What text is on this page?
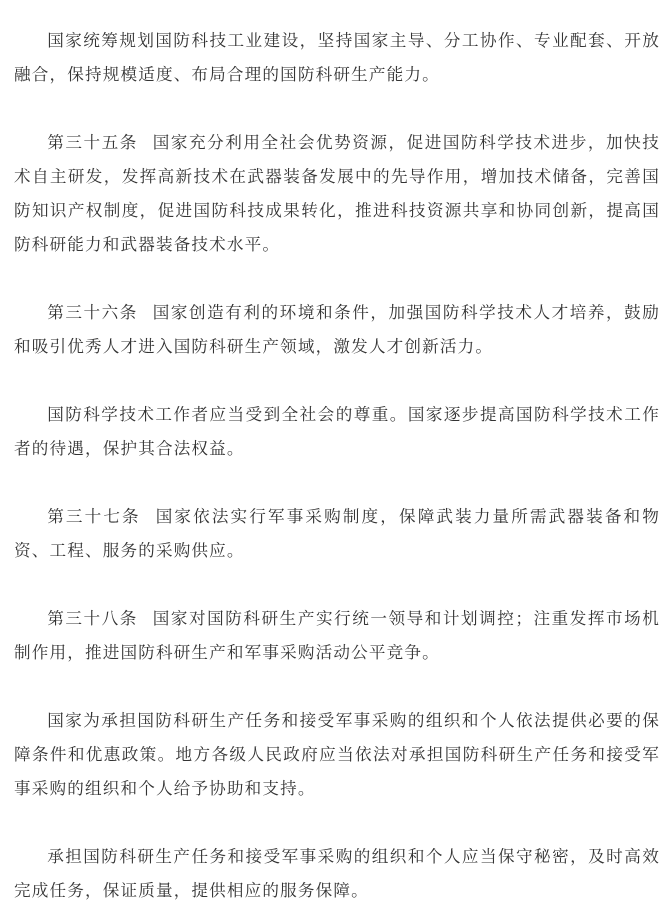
国家统筹规划国防科技工业建设，坚持国家主导、分工协作、专业配套、开放融合，保持规模适度、布局合理的国防科研生产能力。

第三十五条 国家充分利用全社会优势资源，促进国防科学技术进步，加快技术自主研发，发挥高新技术在武器装备发展中的先导作用，增加技术储备，完善国防知识产权制度，促进国防科技成果转化，推进科技资源共享和协同创新，提高国防科研能力和武器装备技术水平。

第三十六条 国家创造有利的环境和条件，加强国防科学技术人才培养，鼓励和吸引优秀人才进入国防科研生产领域，激发人才创新活力。

国防科学技术工作者应当受到全社会的尊重。国家逐步提高国防科学技术工作者的待遇，保护其合法权益。

第三十七条 国家依法实行军事采购制度，保障武装力量所需武器装备和物资、工程、服务的采购供应。

第三十八条 国家对国防科研生产实行统一领导和计划调控；注重发挥市场机制作用，推进国防科研生产和军事采购活动公平竞争。

国家为承担国防科研生产任务和接受军事采购的组织和个人依法提供必要的保障条件和优惠政策。地方各级人民政府应当依法对承担国防科研生产任务和接受军事采购的组织和个人给予协助和支持。

承担国防科研生产任务和接受军事采购的组织和个人应当保守秘密，及时高效完成任务，保证质量，提供相应的服务保障。
